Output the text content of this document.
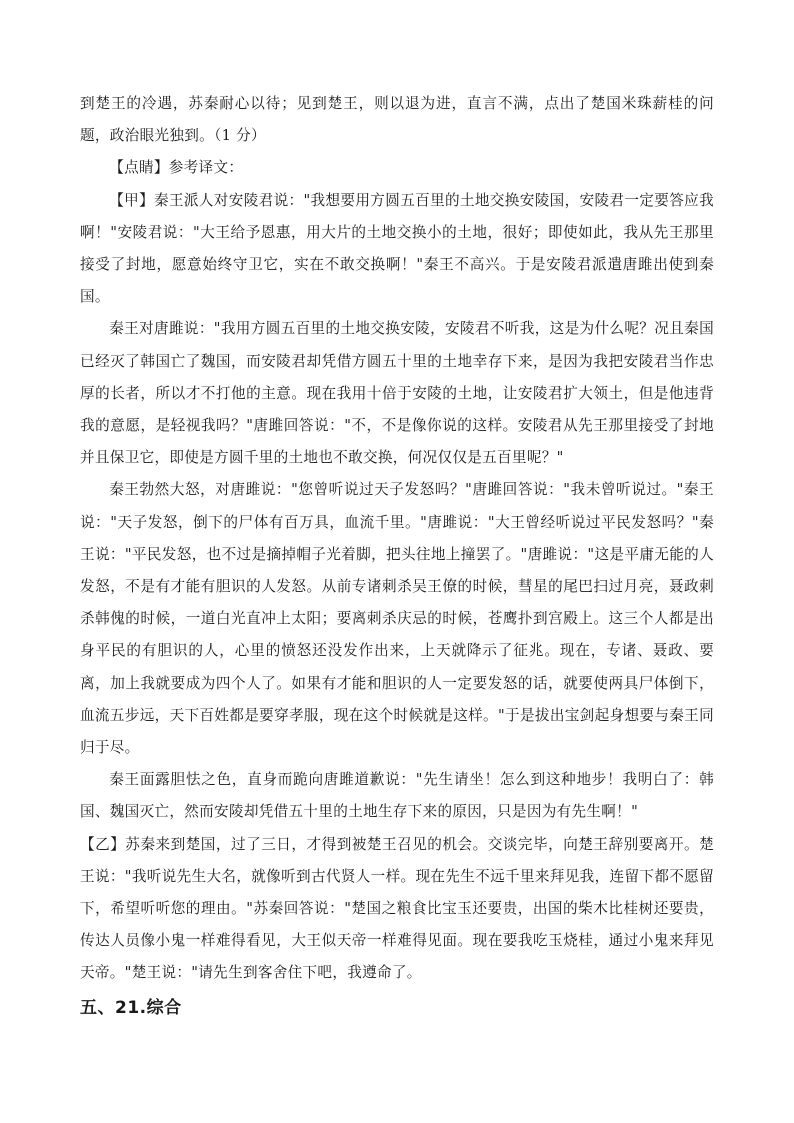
到楚王的冷遇，苏秦耐心以待；见到楚王，则以退为进，直言不满，点出了楚国米珠薪桂的问题，政治眼光独到。（1 分）

【点睛】参考译文：

【甲】秦王派人对安陵君说："我想要用方圆五百里的土地交换安陵国，安陵君一定要答应我啊！"安陵君说："大王给予恩惠，用大片的土地交换小的土地，很好；即使如此，我从先王那里接受了封地，愿意始终守卫它，实在不敢交换啊！"秦王不高兴。于是安陵君派遣唐雎出使到秦国。

秦王对唐雎说："我用方圆五百里的土地交换安陵，安陵君不听我，这是为什么呢？况且秦国已经灭了韩国亡了魏国，而安陵君却凭借方圆五十里的土地幸存下来，是因为我把安陵君当作忠厚的长者，所以才不打他的主意。现在我用十倍于安陵的土地，让安陵君扩大领土，但是他违背我的意愿，是轻视我吗？"唐雎回答说："不，不是像你说的这样。安陵君从先王那里接受了封地并且保卫它，即使是方圆千里的土地也不敢交换，何况仅仅是五百里呢？"

秦王勃然大怒，对唐雎说："您曾听说过天子发怒吗？"唐雎回答说："我未曾听说过。"秦王说："天子发怒，倒下的尸体有百万具，血流千里。"唐雎说："大王曾经听说过平民发怒吗？"秦王说："平民发怒，也不过是摘掉帽子光着脚，把头往地上撞罢了。"唐雎说："这是平庸无能的人发怒，不是有才能有胆识的人发怒。从前专诸刺杀吴王僚的时候，彗星的尾巴扫过月亮，聂政刺杀韩傀的时候，一道白光直冲上太阳；要离刺杀庆忌的时候，苍鹰扑到宫殿上。这三个人都是出身平民的有胆识的人，心里的愤怒还没发作出来，上天就降示了征兆。现在，专诸、聂政、要离，加上我就要成为四个人了。如果有才能和胆识的人一定要发怒的话，就要使两具尸体倒下，血流五步远，天下百姓都是要穿孝服，现在这个时候就是这样。"于是拔出宝剑起身想要与秦王同归于尽。

秦王面露胆怯之色，直身而跪向唐雎道歉说："先生请坐！怎么到这种地步！我明白了：韩国、魏国灭亡，然而安陵却凭借五十里的土地生存下来的原因，只是因为有先生啊！"

【乙】苏秦来到楚国，过了三日，才得到被楚王召见的机会。交谈完毕，向楚王辞别要离开。楚王说："我听说先生大名，就像听到古代贤人一样。现在先生不远千里来拜见我，连留下都不愿留下，希望听听您的理由。"苏秦回答说："楚国之粮食比宝玉还要贵，出国的柴木比桂树还要贵，传达人员像小鬼一样难得看见，大王似天帝一样难得见面。现在要我吃玉烧桂，通过小鬼来拜见天帝。"楚王说："请先生到客舍住下吧，我遵命了。

五、21.综合
